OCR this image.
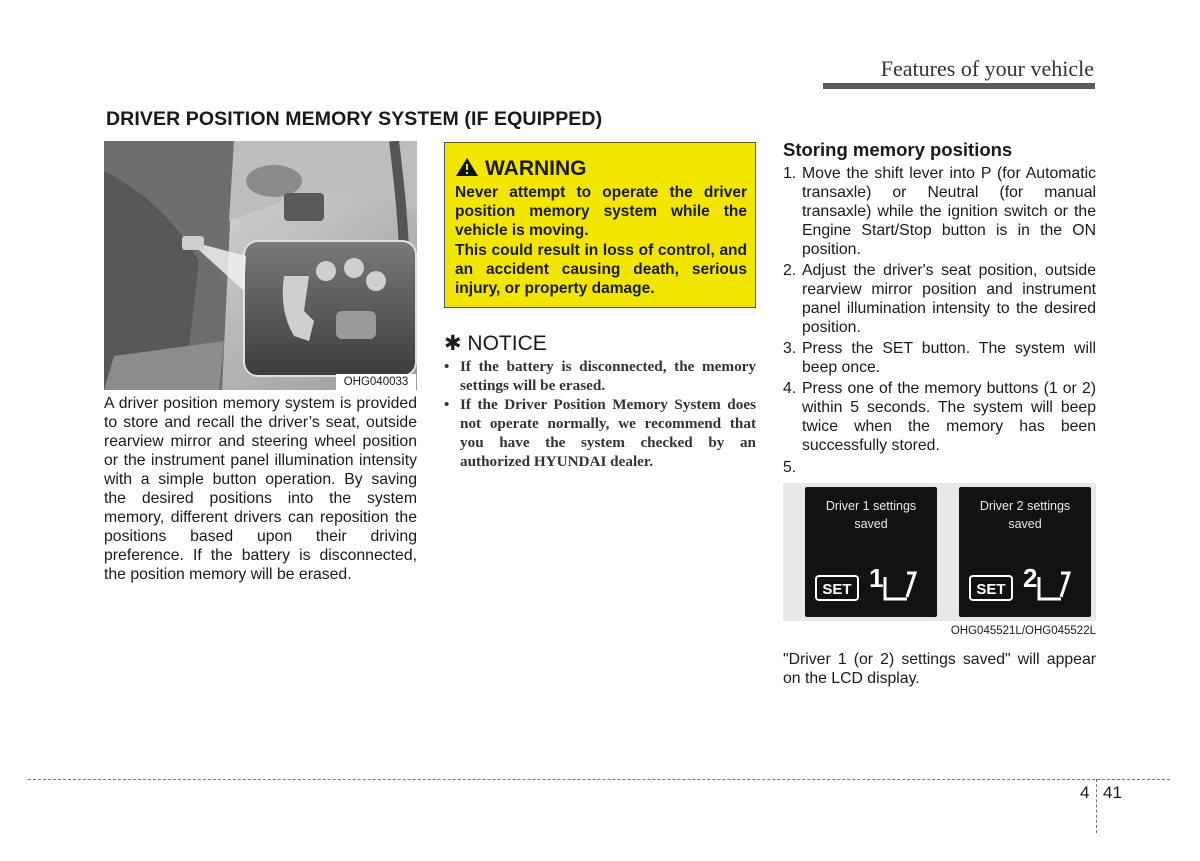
Features of your vehicle
DRIVER POSITION MEMORY SYSTEM (IF EQUIPPED)
OHG040033
A driver position memory system is provided to store and recall the driver’s seat, outside rearview mirror and steering wheel position or the instrument panel illumination intensity with a simple button operation. By saving the desired positions into the system memory, different drivers can reposition the positions based upon their driving preference. If the battery is disconnected, the position memory will be erased.
WARNING
Never attempt to operate the driver position memory system while the vehicle is moving.
This could result in loss of control, and an accident causing death, serious injury, or property damage.
✱ NOTICE
• If the battery is disconnected, the memory settings will be erased.
• If the Driver Position Memory System does not operate normally, we recommend that you have the system checked by an authorized HYUNDAI dealer.
Storing memory positions
1. Move the shift lever into P (for Automatic transaxle) or Neutral (for manual transaxle) while the ignition switch or the Engine Start/Stop button is in the ON position.
2. Adjust the driver's seat position, outside rearview mirror position and instrument panel illumination intensity to the desired position.
3. Press the SET button. The system will beep once.
4. Press one of the memory buttons (1 or 2) within 5 seconds. The system will beep twice when the memory has been successfully stored.
5.
Driver 1 settings
saved
SET 1
Driver 2 settings
saved
SET 2
OHG045521L/OHG045522L
"Driver 1 (or 2) settings saved" will appear on the LCD display.
4 41
